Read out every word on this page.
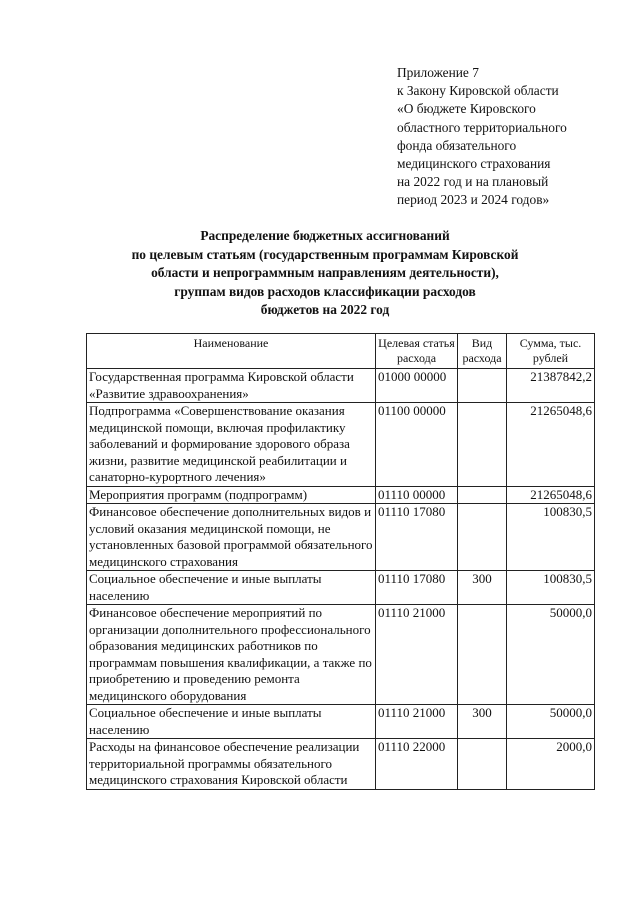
Приложение 7
к Закону Кировской области
«О бюджете Кировского
областного территориального
фонда обязательного
медицинского страхования
на 2022 год и на плановый
период 2023 и 2024 годов»
Распределение бюджетных ассигнований
по целевым статьям (государственным программам Кировской
области и непрограммным направлениям деятельности),
группам видов расходов классификации расходов
бюджетов на 2022 год
Наименование	Целевая статья расхода	Вид расхода	Сумма, тыс. рублей
Государственная программа Кировской области «Развитие здравоохранения»	01000 00000		21387842,2
Подпрограмма «Совершенствование оказания медицинской помощи, включая профилактику заболеваний и формирование здорового образа жизни, развитие медицинской реабилитации и санаторно-курортного лечения»	01100 00000		21265048,6
Мероприятия программ (подпрограмм)	01110 00000		21265048,6
Финансовое обеспечение дополнительных видов и условий оказания медицинской помощи, не установленных базовой программой обязательного медицинского страхования	01110 17080		100830,5
Социальное обеспечение и иные выплаты населению	01110 17080	300	100830,5
Финансовое обеспечение мероприятий по организации дополнительного профессионального образования медицинских работников по программам повышения квалификации, а также по приобретению и проведению ремонта медицинского оборудования	01110 21000		50000,0
Социальное обеспечение и иные выплаты населению	01110 21000	300	50000,0
Расходы на финансовое обеспечение реализации территориальной программы обязательного медицинского страхования Кировской области	01110 22000		2000,0
